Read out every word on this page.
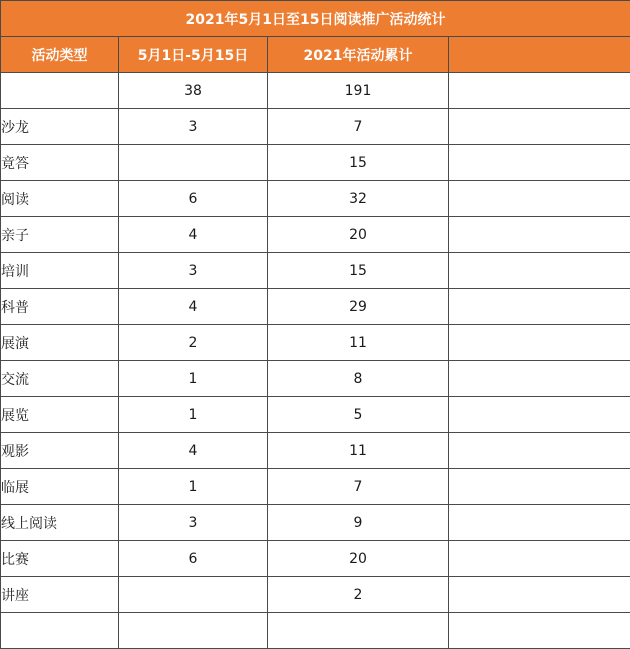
2021年5月1日至15日阅读推广活动统计			
活动类型	5月1日-5月15日	2021年活动累计	
	38	191	
沙龙	3	7	
竟答		15	
阅读	6	32	
亲子	4	20	
培训	3	15	
科普	4	29	
展演	2	11	
交流	1	8	
展览	1	5	
观影	4	11	
临展	1	7	
线上阅读	3	9	
比赛	6	20	
讲座		2	
